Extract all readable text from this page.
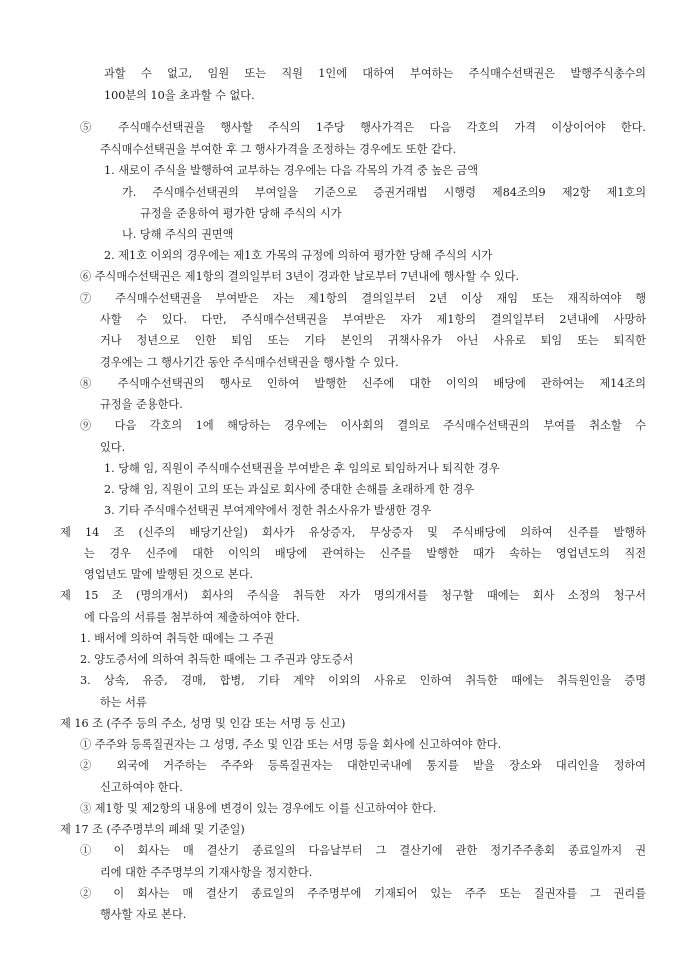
과할 수 없고, 임원 또는 직원 1인에 대하여 부여하는 주식매수선택권은 발행주식총수의
100분의 10을 초과할 수 없다.
⑤ 주식매수선택권을 행사할 주식의 1주당 행사가격은 다음 각호의 가격 이상이어야 한다.
주식매수선택권을 부여한 후 그 행사가격을 조정하는 경우에도 또한 같다.
1. 새로이 주식을 발행하여 교부하는 경우에는 다음 각목의 가격 중 높은 금액
가. 주식매수선택권의 부여일을 기준으로 증권거래법 시행령 제84조의9 제2항 제1호의
규정을 준용하여 평가한 당해 주식의 시가
나. 당해 주식의 권면액
2. 제1호 이외의 경우에는 제1호 가목의 규정에 의하여 평가한 당해 주식의 시가
⑥ 주식매수선택권은 제1항의 결의일부터 3년이 경과한 날로부터 7년내에 행사할 수 있다.
⑦ 주식매수선택권을 부여받은 자는 제1항의 결의일부터 2년 이상 재임 또는 재직하여야 행
사할 수 있다. 다만, 주식매수선택권을 부여받은 자가 제1항의 결의일부터 2년내에 사망하
거나 정년으로 인한 퇴임 또는 기타 본인의 귀책사유가 아닌 사유로 퇴임 또는 퇴직한
경우에는 그 행사기간 동안 주식매수선택권을 행사할 수 있다.
⑧ 주식매수선택권의 행사로 인하여 발행한 신주에 대한 이익의 배당에 관하여는 제14조의
규정을 준용한다.
⑨ 다음 각호의 1에 해당하는 경우에는 이사회의 결의로 주식매수선택권의 부여를 취소할 수
있다.
1. 당해 임, 직원이 주식매수선택권을 부여받은 후 임의로 퇴임하거나 퇴직한 경우
2. 당해 임, 직원이 고의 또는 과실로 회사에 중대한 손해를 초래하게 한 경우
3. 기타 주식매수선택권 부여계약에서 정한 취소사유가 발생한 경우
제 14 조 (신주의 배당기산일) 회사가 유상증자, 무상증자 및 주식배당에 의하여 신주를 발행하
는 경우 신주에 대한 이익의 배당에 관여하는 신주를 발행한 때가 속하는 영업년도의 직전
영업년도 말에 발행된 것으로 본다.
제 15 조 (명의개서) 회사의 주식을 취득한 자가 명의개서를 청구할 때에는 회사 소정의 청구서
에 다음의 서류를 첨부하여 제출하여야 한다.
1. 배서에 의하여 취득한 때에는 그 주권
2. 양도증서에 의하여 취득한 때에는 그 주권과 양도증서
3. 상속, 유증, 경매, 합병, 기타 계약 이외의 사유로 인하여 취득한 때에는 취득원인을 증명
하는 서류
제 16 조 (주주 등의 주소, 성명 및 인감 또는 서명 등 신고)
① 주주와 등록질권자는 그 성명, 주소 및 인감 또는 서명 등을 회사에 신고하여야 한다.
② 외국에 거주하는 주주와 등록질권자는 대한민국내에 통지를 받을 장소와 대리인을 정하여
신고하여야 한다.
③ 제1항 및 제2항의 내용에 변경이 있는 경우에도 이를 신고하여야 한다.
제 17 조 (주주명부의 폐쇄 및 기준일)
① 이 회사는 매 결산기 종료일의 다음날부터 그 결산기에 관한 정기주주총회 종료일까지 권
리에 대한 주주명부의 기재사항을 정지한다.
② 이 회사는 매 결산기 종료일의 주주명부에 기재되어 있는 주주 또는 질권자를 그 권리를
행사할 자로 본다.
